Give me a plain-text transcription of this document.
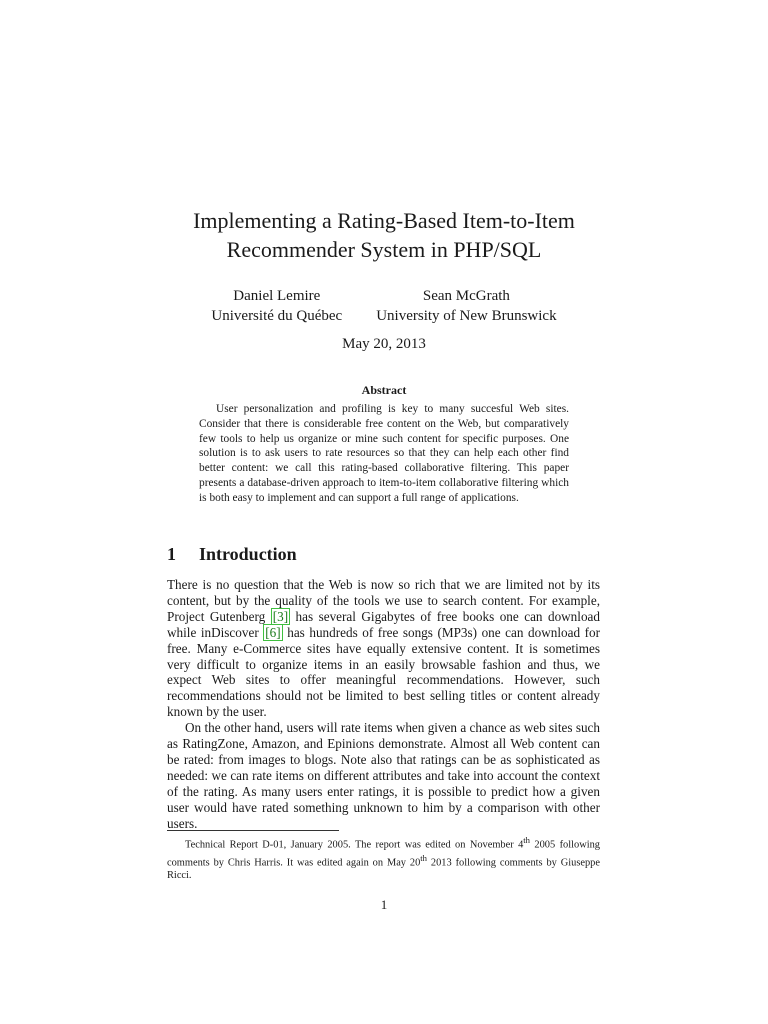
Implementing a Rating-Based Item-to-Item
Recommender System in PHP/SQL
Daniel Lemire
Université du Québec
Sean McGrath
University of New Brunswick
May 20, 2013
Abstract
User personalization and profiling is key to many succesful Web sites. Consider that there is considerable free content on the Web, but comparatively few tools to help us organize or mine such content for specific purposes. One solution is to ask users to rate resources so that they can help each other find better content: we call this rating-based collaborative filtering. This paper presents a database-driven approach to item-to-item collaborative filtering which is both easy to implement and can support a full range of applications.
1 Introduction

There is no question that the Web is now so rich that we are limited not by its content, but by the quality of the tools we use to search content. For example, Project Gutenberg [3] has several Gigabytes of free books one can download while inDiscover [6] has hundreds of free songs (MP3s) one can download for free. Many e-Commerce sites have equally extensive content. It is sometimes very difficult to organize items in an easily browsable fashion and thus, we expect Web sites to offer meaningful recommendations. However, such recommendations should not be limited to best selling titles or content already known by the user.

On the other hand, users will rate items when given a chance as web sites such as RatingZone, Amazon, and Epinions demonstrate. Almost all Web content can be rated: from images to blogs. Note also that ratings can be as sophisticated as needed: we can rate items on different attributes and take into account the context of the rating. As many users enter ratings, it is possible to predict how a given user would have rated something unknown to him by a comparison with other users.

Technical Report D-01, January 2005. The report was edited on November 4th 2005 following comments by Chris Harris. It was edited again on May 20th 2013 following comments by Giuseppe Ricci.
1
